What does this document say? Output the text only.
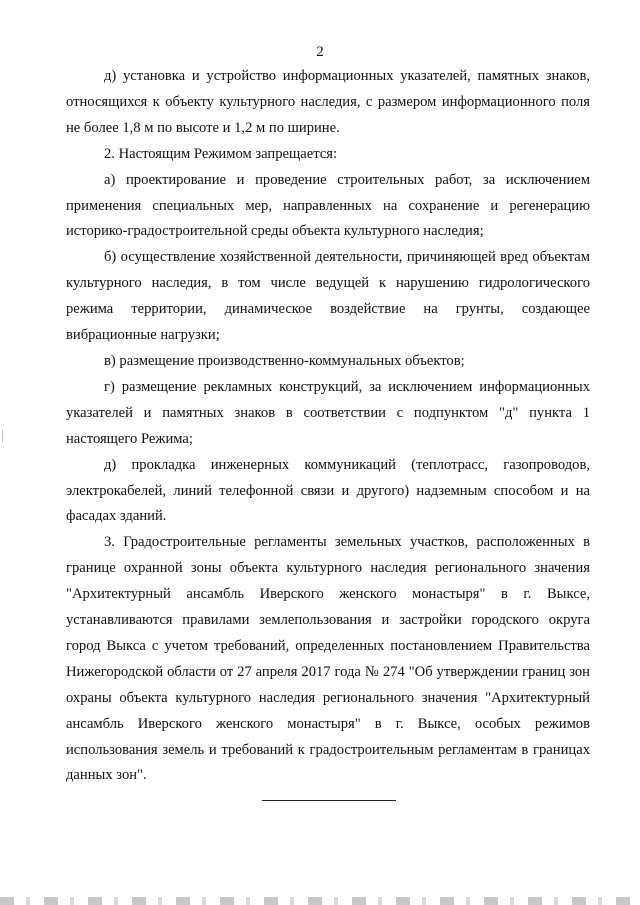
2

д) установка и устройство информационных указателей, памятных знаков, относящихся к объекту культурного наследия, с размером информационного поля не более 1,8 м по высоте и 1,2 м по ширине.

2. Настоящим Режимом запрещается:

а) проектирование и проведение строительных работ, за исключением применения специальных мер, направленных на сохранение и регенерацию историко-градостроительной среды объекта культурного наследия;

б) осуществление хозяйственной деятельности, причиняющей вред объектам культурного наследия, в том числе ведущей к нарушению гидрологического режима территории, динамическое воздействие на грунты, создающее вибрационные нагрузки;

в) размещение производственно-коммунальных объектов;

г) размещение рекламных конструкций, за исключением информационных указателей и памятных знаков в соответствии с подпунктом "д" пункта 1 настоящего Режима;

д) прокладка инженерных коммуникаций (теплотрасс, газопроводов, электрокабелей, линий телефонной связи и другого) надземным способом и на фасадах зданий.

3. Градостроительные регламенты земельных участков, расположенных в границе охранной зоны объекта культурного наследия регионального значения "Архитектурный ансамбль Иверского женского монастыря" в г. Выксе, устанавливаются правилами землепользования и застройки городского округа город Выкса с учетом требований, определенных постановлением Правительства Нижегородской области от 27 апреля 2017 года № 274 "Об утверждении границ зон охраны объекта культурного наследия регионального значения "Архитектурный ансамбль Иверского женского монастыря" в г. Выксе, особых режимов использования земель и требований к градостроительным регламентам в границах данных зон".
